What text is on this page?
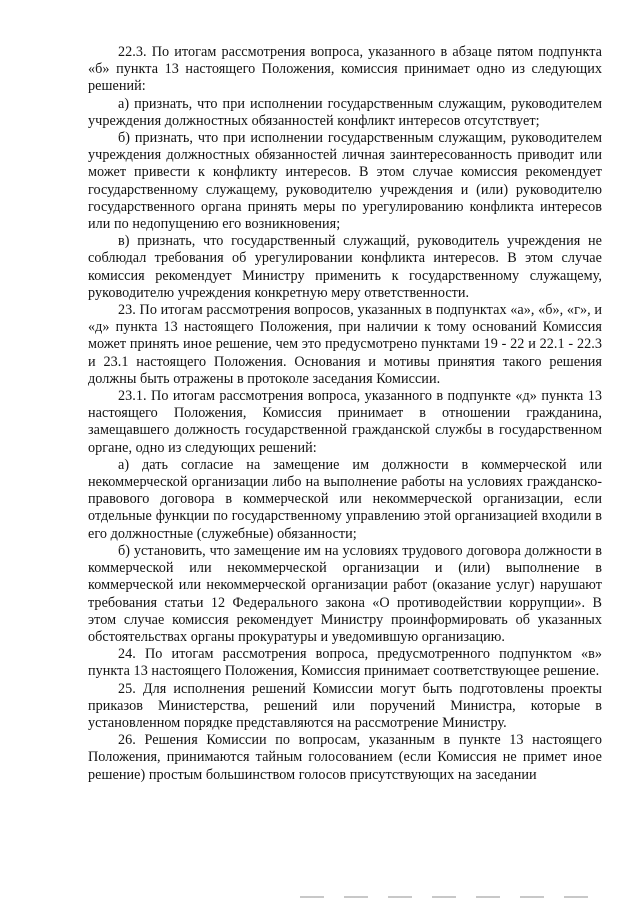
22.3. По итогам рассмотрения вопроса, указанного в абзаце пятом подпункта «б» пункта 13 настоящего Положения, комиссия принимает одно из следующих решений:

а) признать, что при исполнении государственным служащим, руководителем учреждения должностных обязанностей конфликт интересов отсутствует;

б) признать, что при исполнении государственным служащим, руководителем учреждения должностных обязанностей личная заинтересованность приводит или может привести к конфликту интересов. В этом случае комиссия рекомендует государственному служащему, руководителю учреждения и (или) руководителю государственного органа принять меры по урегулированию конфликта интересов или по недопущению его возникновения;

в) признать, что государственный служащий, руководитель учреждения не соблюдал требования об урегулировании конфликта интересов. В этом случае комиссия рекомендует Министру применить к государственному служащему, руководителю учреждения конкретную меру ответственности.

23. По итогам рассмотрения вопросов, указанных в подпунктах «а», «б», «г», и «д» пункта 13 настоящего Положения, при наличии к тому оснований Комиссия может принять иное решение, чем это предусмотрено пунктами 19 - 22 и 22.1 - 22.3 и 23.1 настоящего Положения. Основания и мотивы принятия такого решения должны быть отражены в протоколе заседания Комиссии.

23.1. По итогам рассмотрения вопроса, указанного в подпункте «д» пункта 13 настоящего Положения, Комиссия принимает в отношении гражданина, замещавшего должность государственной гражданской службы в государственном органе, одно из следующих решений:

а) дать согласие на замещение им должности в коммерческой или некоммерческой организации либо на выполнение работы на условиях гражданско-правового договора в коммерческой или некоммерческой организации, если отдельные функции по государственному управлению этой организацией входили в его должностные (служебные) обязанности;

б) установить, что замещение им на условиях трудового договора должности в коммерческой или некоммерческой организации и (или) выполнение в коммерческой или некоммерческой организации работ (оказание услуг) нарушают требования статьи 12 Федерального закона «О противодействии коррупции». В этом случае комиссия рекомендует Министру проинформировать об указанных обстоятельствах органы прокуратуры и уведомившую организацию.

24. По итогам рассмотрения вопроса, предусмотренного подпунктом «в» пункта 13 настоящего Положения, Комиссия принимает соответствующее решение.

25. Для исполнения решений Комиссии могут быть подготовлены проекты приказов Министерства, решений или поручений Министра, которые в установленном порядке представляются на рассмотрение Министру.

26. Решения Комиссии по вопросам, указанным в пункте 13 настоящего Положения, принимаются тайным голосованием (если Комиссия не примет иное решение) простым большинством голосов присутствующих на заседании
